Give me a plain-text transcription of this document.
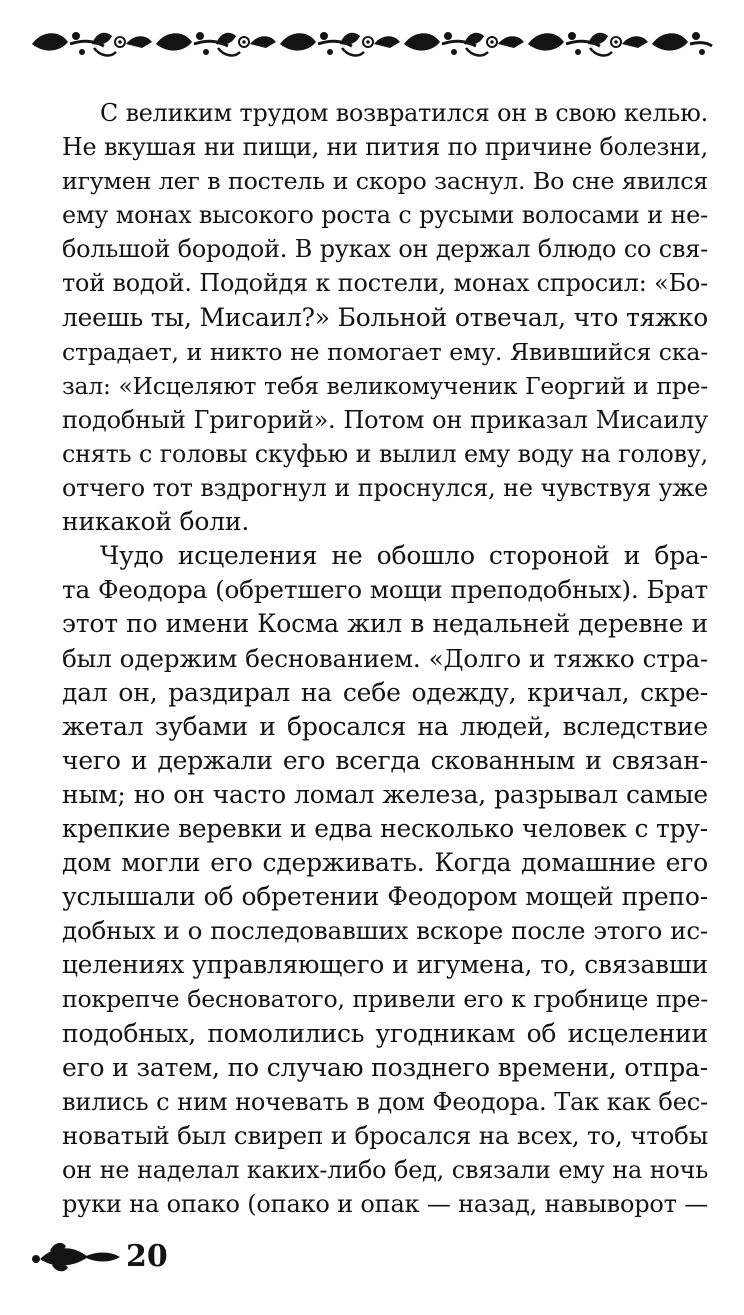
С великим трудом возвратился он в свою келью.
Не вкушая ни пищи, ни пития по причине болезни,
игумен лег в постель и скоро заснул. Во сне явился
ему монах высокого роста с русыми волосами и не-
большой бородой. В руках он держал блюдо со свя-
той водой. Подойдя к постели, монах спросил: «Бо-
леешь ты, Мисаил?» Больной отвечал, что тяжко
страдает, и никто не помогает ему. Явившийся ска-
зал: «Исцеляют тебя великомученик Георгий и пре-
подобный Григорий». Потом он приказал Мисаилу
снять с головы скуфью и вылил ему воду на голову,
отчего тот вздрогнул и проснулся, не чувствуя уже
никакой боли.
Чудо исцеления не обошло стороной и бра-
та Феодора (обретшего мощи преподобных). Брат
этот по имени Косма жил в недальней деревне и
был одержим беснованием. «Долго и тяжко стра-
дал он, раздирал на себе одежду, кричал, скре-
жетал зубами и бросался на людей, вследствие
чего и держали его всегда скованным и связан-
ным; но он часто ломал железа, разрывал самые
крепкие веревки и едва несколько человек с тру-
дом могли его сдерживать. Когда домашние его
услышали об обретении Феодором мощей препо-
добных и о последовавших вскоре после этого ис-
целениях управляющего и игумена, то, связавши
покрепче бесноватого, привели его к гробнице пре-
подобных, помолились угодникам об исцелении
его и затем, по случаю позднего времени, отпра-
вились с ним ночевать в дом Феодора. Так как бес-
новатый был свиреп и бросался на всех, то, чтобы
он не наделал каких-либо бед, связали ему на ночь
руки на опако (опако и опак — назад, навыворот —
20
